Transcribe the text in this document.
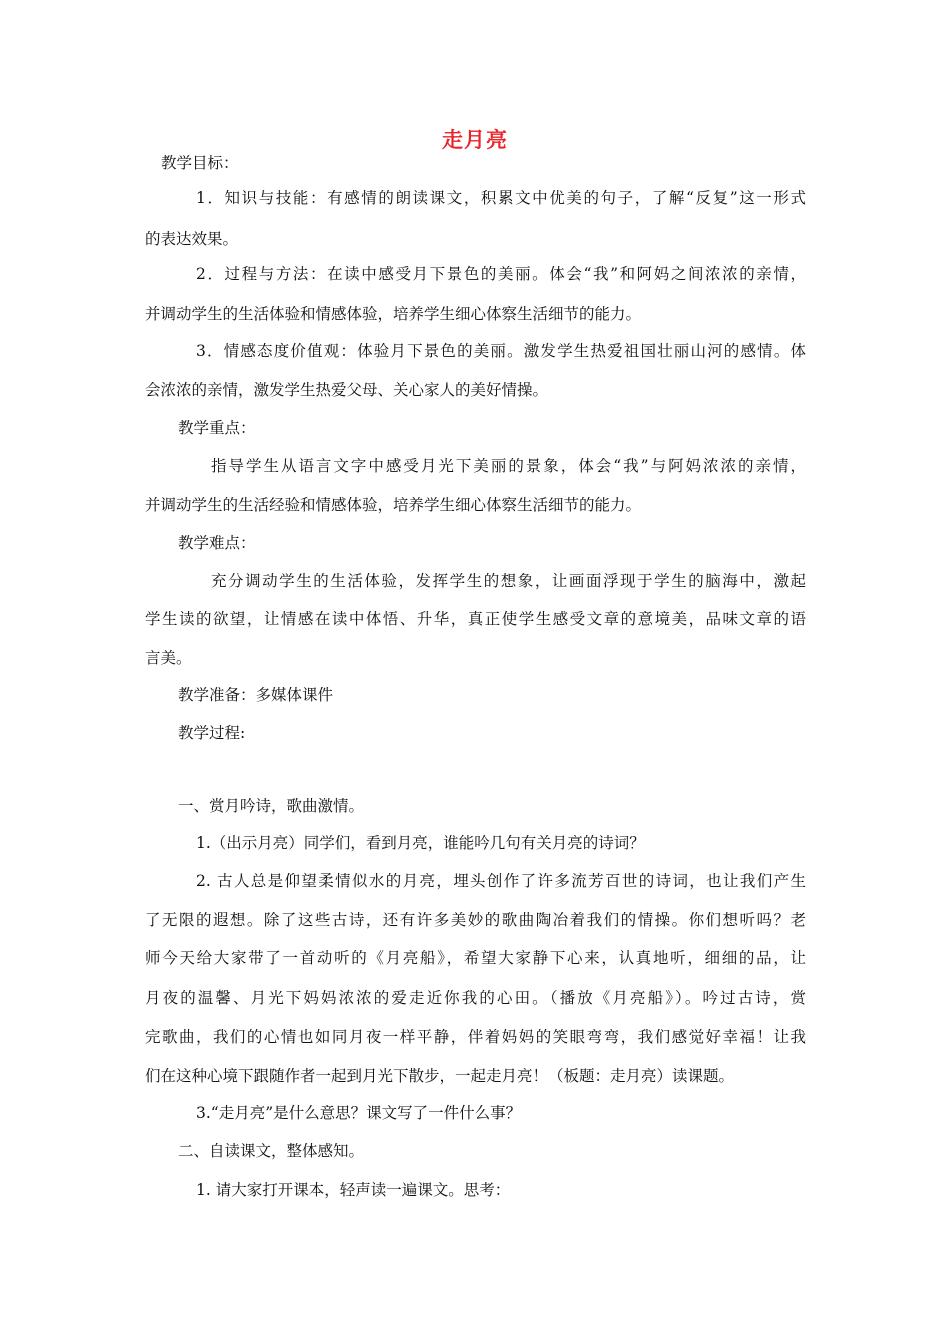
走月亮
教学目标：
1．知识与技能：有感情的朗读课文，积累文中优美的句子，了解“反复”这一形式
的表达效果。
2．过程与方法：在读中感受月下景色的美丽。体会“我”和阿妈之间浓浓的亲情，
并调动学生的生活体验和情感体验，培养学生细心体察生活细节的能力。
3．情感态度价值观：体验月下景色的美丽。激发学生热爱祖国壮丽山河的感情。体
会浓浓的亲情，激发学生热爱父母、关心家人的美好情操。
教学重点：
指导学生从语言文字中感受月光下美丽的景象，体会“我”与阿妈浓浓的亲情，
并调动学生的生活经验和情感体验，培养学生细心体察生活细节的能力。
教学难点：
充分调动学生的生活体验，发挥学生的想象，让画面浮现于学生的脑海中，激起
学生读的欲望，让情感在读中体悟、升华，真正使学生感受文章的意境美，品味文章的语
言美。
教学准备：多媒体课件
教学过程:
一、赏月吟诗，歌曲激情。
1.（出示月亮）同学们，看到月亮，谁能吟几句有关月亮的诗词？
2. 古人总是仰望柔情似水的月亮，埋头创作了许多流芳百世的诗词，也让我们产生
了无限的遐想。除了这些古诗，还有许多美妙的歌曲陶冶着我们的情操。你们想听吗？老
师今天给大家带了一首动听的《月亮船》，希望大家静下心来，认真地听，细细的品，让
月夜的温馨、月光下妈妈浓浓的爱走近你我的心田。（播放《月亮船》）。吟过古诗，赏
完歌曲，我们的心情也如同月夜一样平静，伴着妈妈的笑眼弯弯，我们感觉好幸福！让我
们在这种心境下跟随作者一起到月光下散步，一起走月亮！（板题：走月亮）读课题。
3.“走月亮”是什么意思？课文写了一件什么事？
二、自读课文，整体感知。
1. 请大家打开课本，轻声读一遍课文。思考：
